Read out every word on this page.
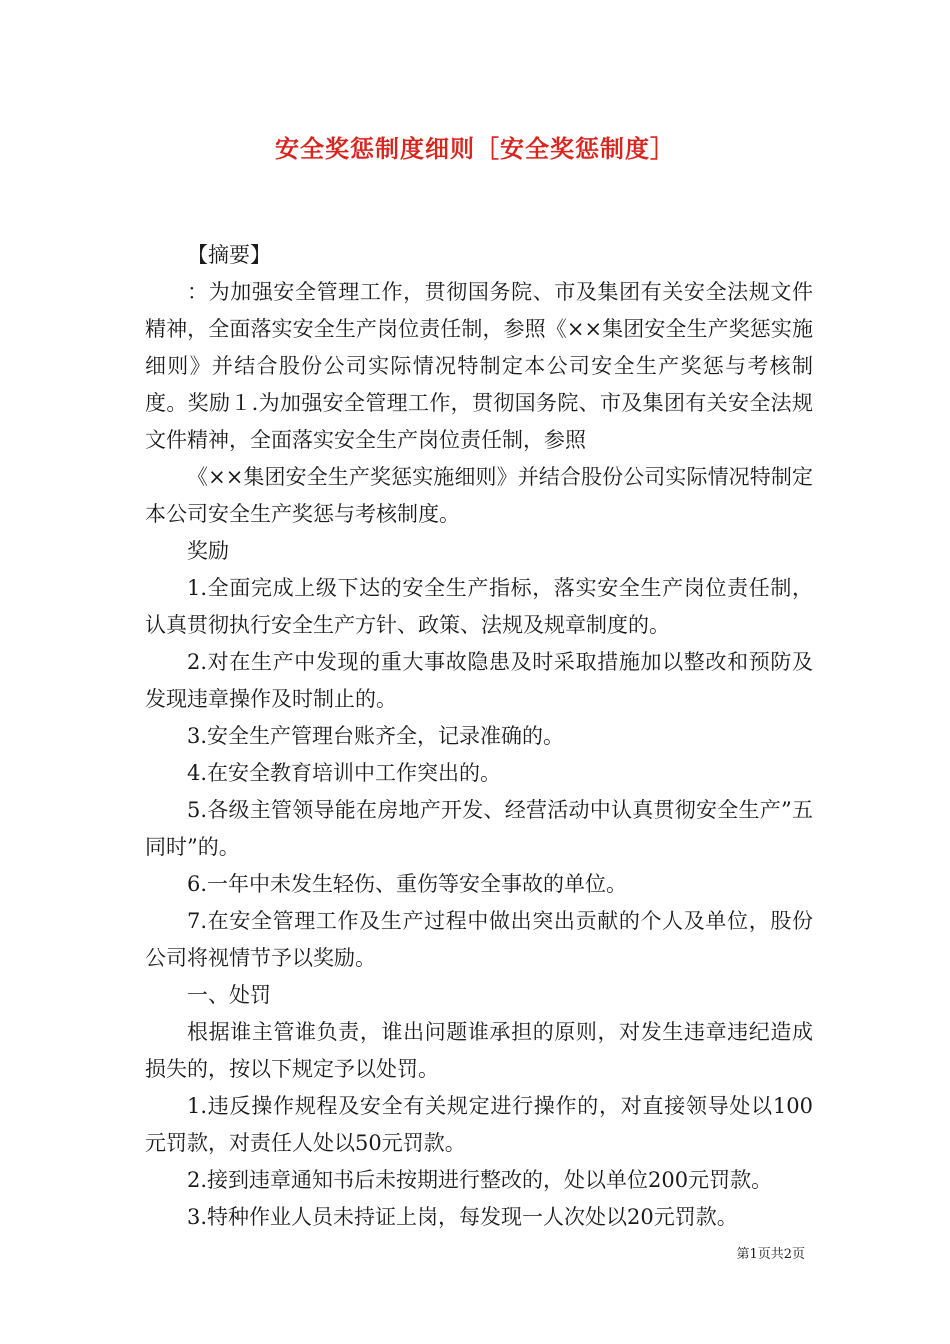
安全奖惩制度细则［安全奖惩制度］

【摘要】

：为加强安全管理工作，贯彻国务院、市及集团有关安全法规文件精神，全面落实安全生产岗位责任制，参照《××集团安全生产奖惩实施细则》并结合股份公司实际情况特制定本公司安全生产奖惩与考核制度。奖励１.为加强安全管理工作，贯彻国务院、市及集团有关安全法规文件精神，全面落实安全生产岗位责任制，参照

《××集团安全生产奖惩实施细则》并结合股份公司实际情况特制定本公司安全生产奖惩与考核制度。

奖励

1.全面完成上级下达的安全生产指标，落实安全生产岗位责任制，认真贯彻执行安全生产方针、政策、法规及规章制度的。

2.对在生产中发现的重大事故隐患及时采取措施加以整改和预防及发现违章操作及时制止的。

3.安全生产管理台账齐全，记录准确的。

4.在安全教育培训中工作突出的。

5.各级主管领导能在房地产开发、经营活动中认真贯彻安全生产”五同时”的。

6.一年中未发生轻伤、重伤等安全事故的单位。

7.在安全管理工作及生产过程中做出突出贡献的个人及单位，股份公司将视情节予以奖励。

一、处罚

根据谁主管谁负责，谁出问题谁承担的原则，对发生违章违纪造成损失的，按以下规定予以处罚。

1.违反操作规程及安全有关规定进行操作的，对直接领导处以100元罚款，对责任人处以50元罚款。

2.接到违章通知书后未按期进行整改的，处以单位200元罚款。

3.特种作业人员未持证上岗，每发现一人次处以20元罚款。

第1页共2页
